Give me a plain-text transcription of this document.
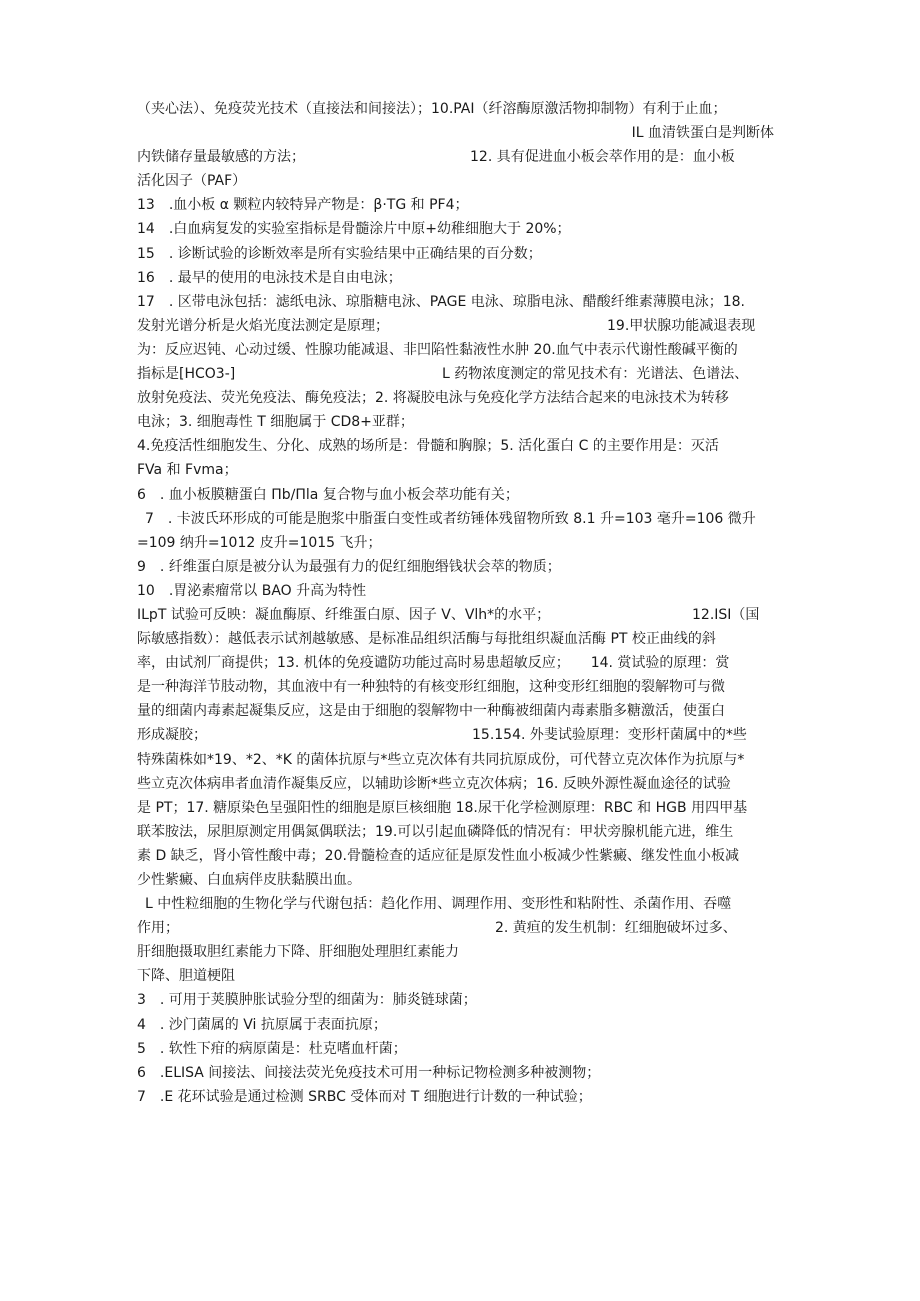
（夹心法）、免疫荧光技术（直接法和间接法）；10.PAI（纤溶酶原激活物抑制物）有利于止血；
IL 血清铁蛋白是判断体
内铁储存量最敏感的方法；	12. 具有促进血小板会萃作用的是：血小板
活化因子（PAF）
13　.血小板 α 颗粒内较特异产物是：β·TG 和 PF4；
14　.白血病复发的实验室指标是骨髓涂片中原+幼稚细胞大于 20%；
15　. 诊断试验的诊断效率是所有实验结果中正确结果的百分数；
16　. 最早的使用的电泳技术是自由电泳；
17　. 区带电泳包括：滤纸电泳、琼脂糖电泳、PAGE 电泳、琼脂电泳、醋酸纤维素薄膜电泳；18.
发射光谱分析是火焰光度法测定是原理；	19.甲状腺功能减退表现
为：反应迟钝、心动过缓、性腺功能减退、非凹陷性黏液性水肿 20.血气中表示代谢性酸碱平衡的
指标是[HCO3-]	L 药物浓度测定的常见技术有：光谱法、色谱法、
放射免疫法、荧光免疫法、酶免疫法；2. 将凝胶电泳与免疫化学方法结合起来的电泳技术为转移
电泳；3. 细胞毒性 T 细胞属于 CD8+亚群；
4.免疫活性细胞发生、分化、成熟的场所是：骨髓和胸腺；5. 活化蛋白 C 的主要作用是：灭活
FVa 和 Fvma；
6　. 血小板膜糖蛋白 Πb∕Πla 复合物与血小板会萃功能有关；
7　. 卡波氏环形成的可能是胞浆中脂蛋白变性或者纺锤体残留物所致 8.1 升=103 毫升=106 微升
=109 纳升=1012 皮升=1015 飞升；
9　. 纤维蛋白原是被分认为最强有力的促红细胞缗钱状会萃的物质；
10　.胃泌素瘤常以 BAO 升高为特性
ILpT 试验可反映：凝血酶原、纤维蛋白原、因子 V、Vlh*的水平；	12.ISI（国
际敏感指数）：越低表示试剂越敏感、是标准品组织活酶与每批组织凝血活酶 PT 校正曲线的斜
率，由试剂厂商提供；13. 机体的免疫谴防功能过高时易患超敏反应；　　14. 赏试验的原理：赏
是一种海洋节肢动物，其血液中有一种独特的有核变形红细胞，这种变形红细胞的裂解物可与微
量的细菌内毒素起凝集反应，这是由于细胞的裂解物中一种酶被细菌内毒素脂多糖激活，使蛋白
形成凝胶；	15.154. 外斐试验原理：变形杆菌属中的*些
特殊菌株如*19、*2、*K 的菌体抗原与*些立克次体有共同抗原成份，可代替立克次体作为抗原与*
些立克次体病串者血清作凝集反应，以辅助诊断*些立克次体病；16. 反映外源性凝血途径的试验
是 PT；17. 糖原染色呈强阳性的细胞是原巨核细胞 18.尿干化学检测原理：RBC 和 HGB 用四甲基
联苯胺法，尿胆原测定用偶氮偶联法；19.可以引起血磷降低的情况有：甲状旁腺机能亢进，维生
素 D 缺乏，肾小管性酸中毒；20.骨髓检查的适应征是原发性血小板减少性紫癜、继发性血小板减
少性紫癜、白血病伴皮肤黏膜出血。
L 中性粒细胞的生物化学与代谢包括：趋化作用、调理作用、变形性和粘附性、杀菌作用、吞噬
作用；	2. 黄疸的发生机制：红细胞破坏过多、
肝细胞摄取胆红素能力下降、肝细胞处理胆红素能力
下降、胆道梗阻
3　. 可用于荚膜肿胀试验分型的细菌为：肺炎链球菌；
4　. 沙门菌属的 Vi 抗原属于表面抗原；
5　. 软性下疳的病原菌是：杜克嗜血杆菌；
6　.ELISA 间接法、间接法荧光免疫技术可用一种标记物检测多种被测物；
7　.E 花环试验是通过检测 SRBC 受体而对 T 细胞进行计数的一种试验；
